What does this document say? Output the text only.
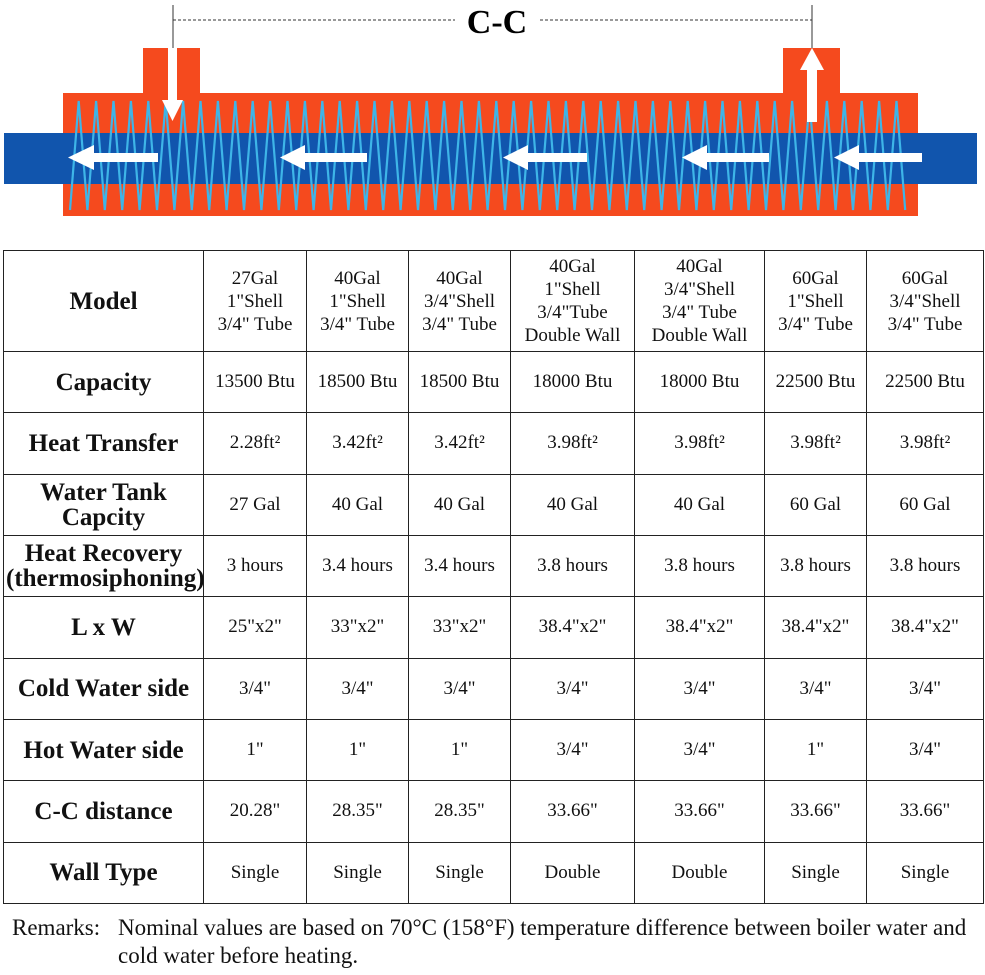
C-C
Model	27Gal
1"Shell
3/4" Tube	40Gal
1"Shell
3/4" Tube	40Gal
3/4"Shell
3/4" Tube	40Gal
1"Shell
3/4"Tube
Double Wall	40Gal
3/4"Shell
3/4" Tube
Double Wall	60Gal
1"Shell
3/4" Tube	60Gal
3/4"Shell
3/4" Tube
Capacity	13500 Btu	18500 Btu	18500 Btu	18000 Btu	18000 Btu	22500 Btu	22500 Btu
Heat Transfer	2.28ft²	3.42ft²	3.42ft²	3.98ft²	3.98ft²	3.98ft²	3.98ft²
Water Tank
Capcity	27 Gal	40 Gal	40 Gal	40 Gal	40 Gal	60 Gal	60 Gal
Heat Recovery
(thermosiphoning)	3 hours	3.4 hours	3.4 hours	3.8 hours	3.8 hours	3.8 hours	3.8 hours
L x W	25"x2"	33"x2"	33"x2"	38.4"x2"	38.4"x2"	38.4"x2"	38.4"x2"
Cold Water side	3/4"	3/4"	3/4"	3/4"	3/4"	3/4"	3/4"
Hot Water side	1"	1"	1"	3/4"	3/4"	1"	3/4"
C-C distance	20.28"	28.35"	28.35"	33.66"	33.66"	33.66"	33.66"
Wall Type	Single	Single	Single	Double	Double	Single	Single
Remarks: Nominal values are based on 70°C (158°F) temperature difference between boiler water and cold water before heating.
